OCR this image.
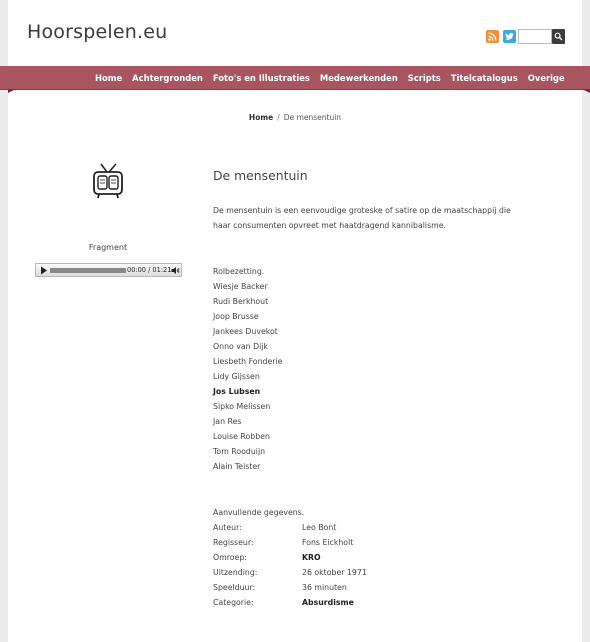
Hoorspelen.eu
Home Achtergronden Foto's en Illustraties Medewerkenden Scripts Titelcatalogus Overige
Home / De mensentuin
Fragment
00:00 / 01:21
De mensentuin

De mensentuin is een eenvoudige groteske of satire op de maatschappij die haar consumenten opvreet met haatdragend kannibalisme.

Rolbezetting.
Wiesje Backer
Rudi Berkhout
Joop Brusse
Jankees Duvekot
Onno van Dijk
Liesbeth Fonderie
Lidy Gijssen
Jos Lubsen
Sipko Melissen
Jan Res
Louise Robben
Tom Rooduijn
Alain Teister
Aanvullende gegevens.
Auteur:	Leo Bont
Regisseur:	Fons Eickholt
Omroep:	KRO
Uitzending:	26 oktober 1971
Speelduur:	36 minuten
Categorie:	Absurdisme
